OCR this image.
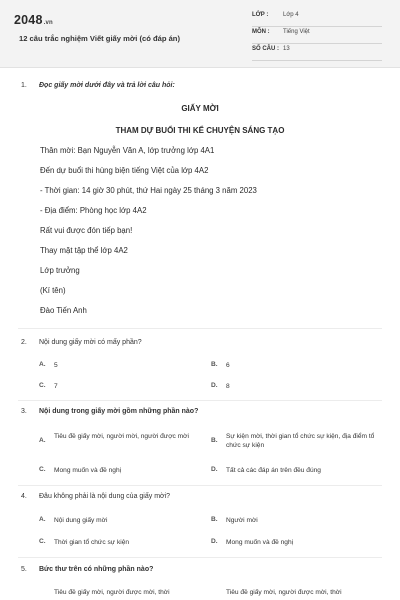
2048.vn
12 câu trắc nghiệm Viết giấy mời (có đáp án)
LỚP : Lớp 4
MÔN : Tiếng Việt
SỐ CÂU : 13
1. Đọc giấy mời dưới đây và trả lời câu hỏi:
GIẤY MỜI
THAM DỰ BUỔI THI KỂ CHUYỆN SÁNG TẠO
Thân mời: Bạn Nguyễn Văn A, lớp trưởng lớp 4A1
Đến dự buổi thi hùng biện tiếng Việt của lớp 4A2
- Thời gian: 14 giờ 30 phút, thứ Hai ngày 25 tháng 3 năm 2023
- Địa điểm: Phòng học lớp 4A2
Rất vui được đón tiếp bạn!
Thay mặt tập thể lớp 4A2
Lớp trưởng
(Kí tên)
Đào Tiến Anh
2. Nội dung giấy mời có mấy phần?
A. 5	B. 6
C. 7	D. 8
3. Nội dung trong giấy mời gồm những phần nào?
A.
Tiêu đề giấy mời, người mời, người được mời
B.
Sự kiện mời, thời gian tổ chức sự kiện, địa điểm tổ chức sự kiện
C. Mong muốn và đề nghị	D. Tất cả các đáp án trên đều đúng
4. Đâu không phải là nội dung của giấy mời?
A. Nội dung giấy mời	B. Người mời
C. Thời gian tổ chức sự kiện	D. Mong muốn và đề nghị
5. Bức thư trên có những phần nào?
Tiêu đề giấy mời, người được mời, thời	Tiêu đề giấy mời, người được mời, thời
